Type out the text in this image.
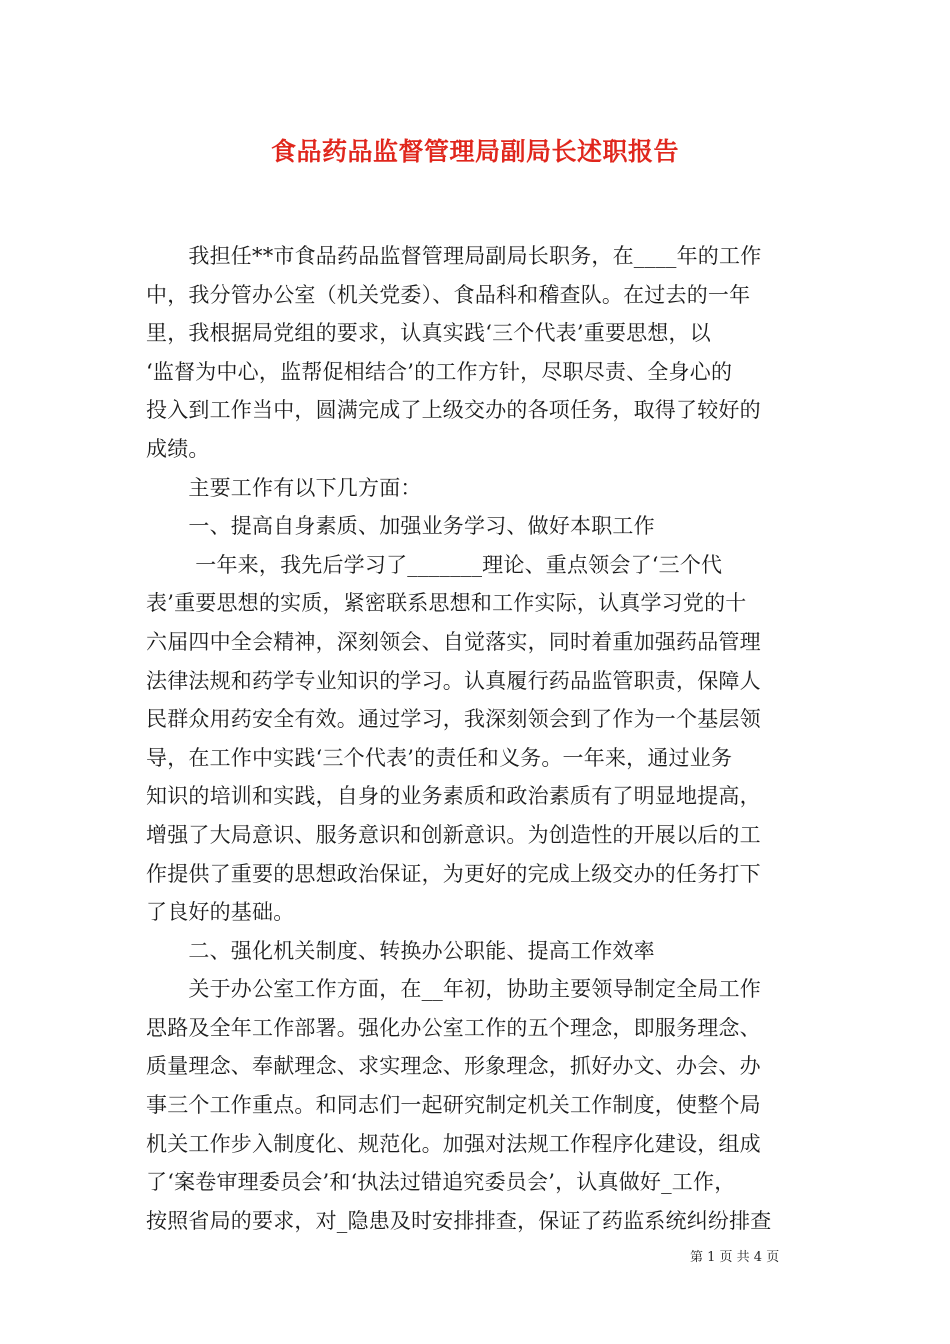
食品药品监督管理局副局长述职报告
　　我担任**市食品药品监督管理局副局长职务，在____年的工作
中，我分管办公室（机关党委）、食品科和稽查队。在过去的一年
里，我根据局党组的要求，认真实践‘三个代表’重要思想，以
‘监督为中心，监帮促相结合’的工作方针，尽职尽责、全身心的
投入到工作当中，圆满完成了上级交办的各项任务，取得了较好的
成绩。
　　主要工作有以下几方面：
　　一、提高自身素质、加强业务学习、做好本职工作
　　 一年来，我先后学习了_______理论、重点领会了‘三个代
表’重要思想的实质，紧密联系思想和工作实际，认真学习党的十
六届四中全会精神，深刻领会、自觉落实，同时着重加强药品管理
法律法规和药学专业知识的学习。认真履行药品监管职责，保障人
民群众用药安全有效。通过学习，我深刻领会到了作为一个基层领
导，在工作中实践‘三个代表’的责任和义务。一年来，通过业务
知识的培训和实践，自身的业务素质和政治素质有了明显地提高，
增强了大局意识、服务意识和创新意识。为创造性的开展以后的工
作提供了重要的思想政治保证，为更好的完成上级交办的任务打下
了良好的基础。
　　二、强化机关制度、转换办公职能、提高工作效率
　　关于办公室工作方面，在__年初，协助主要领导制定全局工作
思路及全年工作部署。强化办公室工作的五个理念，即服务理念、
质量理念、奉献理念、求实理念、形象理念，抓好办文、办会、办
事三个工作重点。和同志们一起研究制定机关工作制度，使整个局
机关工作步入制度化、规范化。加强对法规工作程序化建设，组成
了‘案卷审理委员会’和‘执法过错追究委员会’，认真做好_工作，
按照省局的要求，对_隐患及时安排排查，保证了药监系统纠纷排查
第 1 页 共 4 页
